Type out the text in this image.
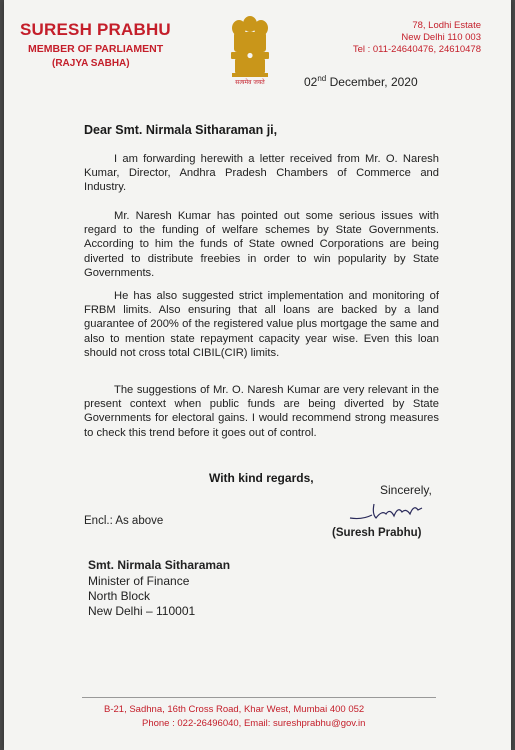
SURESH PRABHU
MEMBER OF PARLIAMENT
(RAJYA SABHA)
सत्यमेव जयते
78, Lodhi Estate
New Delhi 110 003
Tel : 011-24640476, 24610478
02nd December, 2020
Dear Smt. Nirmala Sitharaman ji,
I am forwarding herewith a letter received from Mr. O. Naresh Kumar, Director, Andhra Pradesh Chambers of Commerce and Industry.
Mr. Naresh Kumar has pointed out some serious issues with regard to the funding of welfare schemes by State Governments. According to him the funds of State owned Corporations are being diverted to distribute freebies in order to win popularity by State Governments.
He has also suggested strict implementation and monitoring of FRBM limits. Also ensuring that all loans are backed by a land guarantee of 200% of the registered value plus mortgage the same and also to mention state repayment capacity year wise. Even this loan should not cross total CIBIL(CIR) limits.
The suggestions of Mr. O. Naresh Kumar are very relevant in the present context when public funds are being diverted by State Governments for electoral gains. I would recommend strong measures to check this trend before it goes out of control.
With kind regards,
Sincerely,
Encl.: As above
(Suresh Prabhu)
Smt. Nirmala Sitharaman
Minister of Finance
North Block
New Delhi – 110001
B-21, Sadhna, 16th Cross Road, Khar West, Mumbai 400 052
Phone : 022-26496040, Email: sureshprabhu@gov.in
